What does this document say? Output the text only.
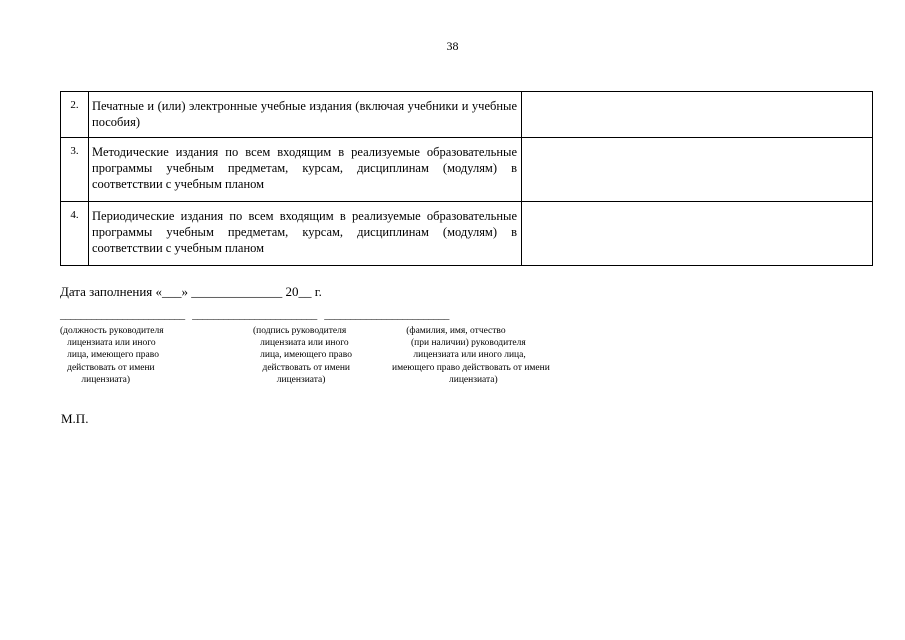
38
2.	Печатные и (или) электронные учебные издания (включая учебники и учебные пособия)	
3.	Методические издания по всем входящим в реализуемые образовательные программы учебным предметам, курсам, дисциплинам (модулям) в соответствии с учебным планом	
4.	Периодические издания по всем входящим в реализуемые образовательные программы учебным предметам, курсам, дисциплинам (модулям) в соответствии с учебным планом	
Дата заполнения «___» ______________ 20__ г.
________________________   ________________________   ________________________
(должность руководителя
лицензиата или иного
лица, имеющего право
действовать от имени
лицензиата)
(подпись руководителя
лицензиата или иного
лица, имеющего право
действовать от имени
лицензиата)
(фамилия, имя, отчество
(при наличии) руководителя
лицензиата или иного лица,
имеющего право действовать от имени
лицензиата)
М.П.
